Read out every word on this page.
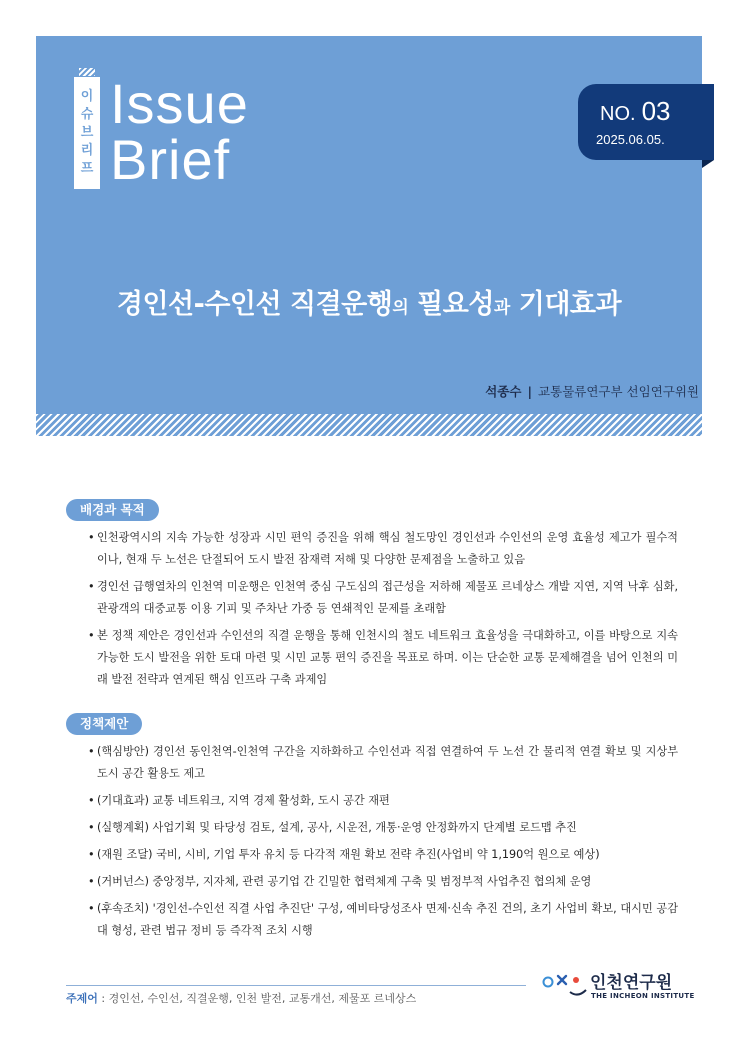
이
슈
브
리
프
Issue
Brief
NO. 03
2025.06.05.
경인선-수인선 직결운행의 필요성과 기대효과
석종수 | 교통물류연구부 선임연구위원
배경과 목적
• 인천광역시의 지속 가능한 성장과 시민 편익 증진을 위해 핵심 철도망인 경인선과 수인선의 운영 효율성 제고가 필수적이나, 현재 두 노선은 단절되어 도시 발전 잠재력 저해 및 다양한 문제점을 노출하고 있음
• 경인선 급행열차의 인천역 미운행은 인천역 중심 구도심의 접근성을 저하해 제물포 르네상스 개발 지연, 지역 낙후 심화, 관광객의 대중교통 이용 기피 및 주차난 가중 등 연쇄적인 문제를 초래함
• 본 정책 제안은 경인선과 수인선의 직결 운행을 통해 인천시의 철도 네트워크 효율성을 극대화하고, 이를 바탕으로 지속 가능한 도시 발전을 위한 토대 마련 및 시민 교통 편익 증진을 목표로 하며. 이는 단순한 교통 문제해결을 넘어 인천의 미래 발전 전략과 연계된 핵심 인프라 구축 과제임
정책제안
• (핵심방안) 경인선 동인천역-인천역 구간을 지하화하고 수인선과 직접 연결하여 두 노선 간 물리적 연결 확보 및 지상부 도시 공간 활용도 제고
• (기대효과) 교통 네트워크, 지역 경제 활성화, 도시 공간 재편
• (실행계획) 사업기획 및 타당성 검토, 설계, 공사, 시운전, 개통·운영 안정화까지 단계별 로드맵 추진
• (재원 조달) 국비, 시비, 기업 투자 유치 등 다각적 재원 확보 전략 추진(사업비 약 1,190억 원으로 예상)
• (거버넌스) 중앙정부, 지자체, 관련 공기업 간 긴밀한 협력체계 구축 및 범정부적 사업추진 협의체 운영
• (후속조치) '경인선-수인선 직결 사업 추진단' 구성, 예비타당성조사 면제·신속 추진 건의, 초기 사업비 확보, 대시민 공감대 형성, 관련 법규 정비 등 즉각적 조치 시행
주제어 : 경인선, 수인선, 직결운행, 인천 발전, 교통개선, 제물포 르네상스
인천연구원
THE INCHEON INSTITUTE
